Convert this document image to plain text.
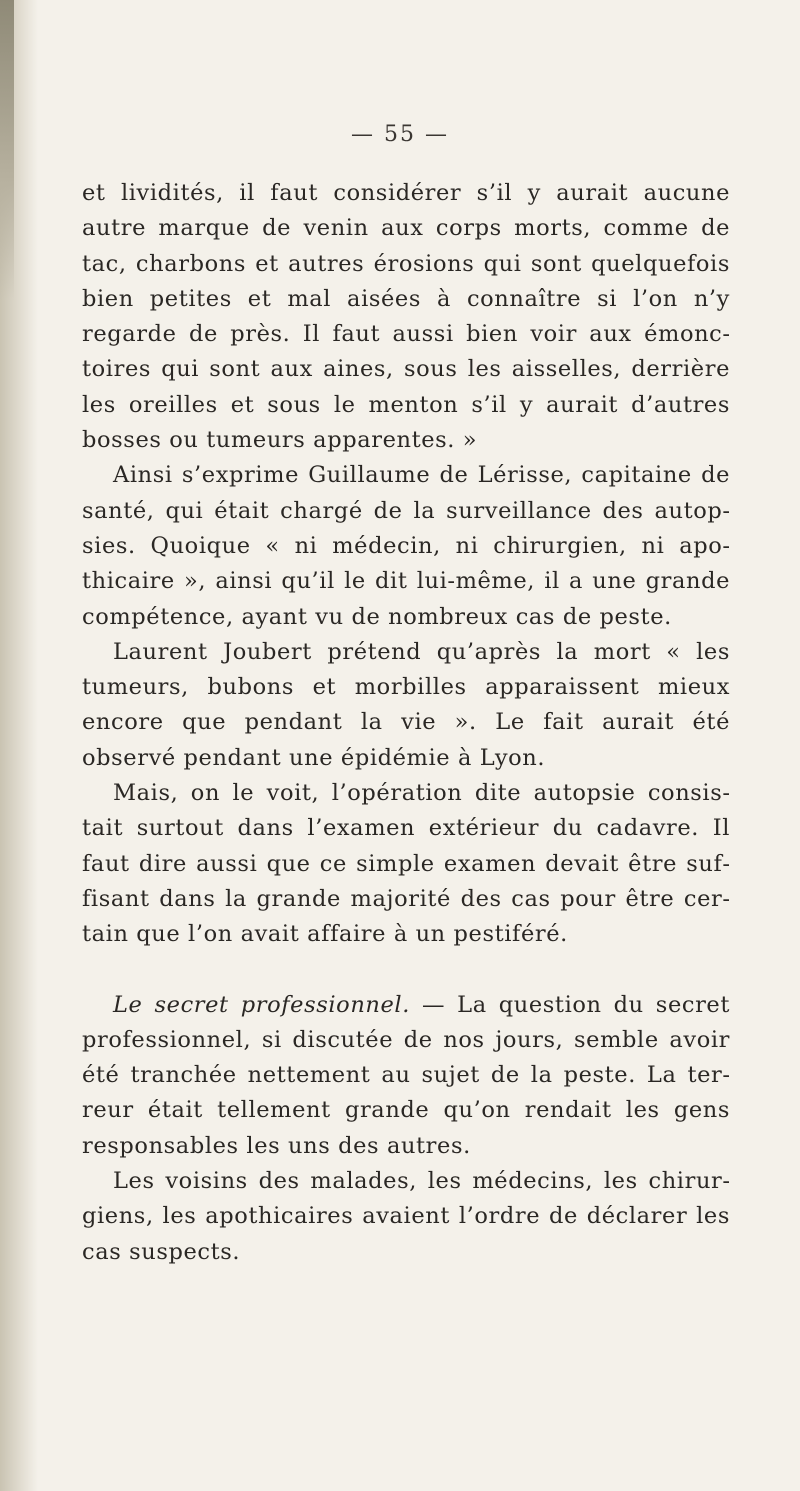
— 55 —

et lividités, il faut considérer s’il y aurait aucune autre marque de venin aux corps morts, comme de tac, charbons et autres érosions qui sont quelquefois bien petites et mal aisées à connaître si l’on n’y regarde de près. Il faut aussi bien voir aux émonctoires qui sont aux aines, sous les aisselles, derrière les oreilles et sous le menton s’il y aurait d’autres bosses ou tumeurs apparentes. »

Ainsi s’exprime Guillaume de Lérisse, capitaine de santé, qui était chargé de la surveillance des autopsies. Quoique « ni médecin, ni chirurgien, ni apothicaire », ainsi qu’il le dit lui-même, il a une grande compétence, ayant vu de nombreux cas de peste.

Laurent Joubert prétend qu’après la mort « les tumeurs, bubons et morbilles apparaissent mieux encore que pendant la vie ». Le fait aurait été observé pendant une épidémie à Lyon.

Mais, on le voit, l’opération dite autopsie consistait surtout dans l’examen extérieur du cadavre. Il faut dire aussi que ce simple examen devait être suffisant dans la grande majorité des cas pour être certain que l’on avait affaire à un pestiféré.

Le secret professionnel. — La question du secret professionnel, si discutée de nos jours, semble avoir été tranchée nettement au sujet de la peste. La terreur était tellement grande qu’on rendait les gens responsables les uns des autres.

Les voisins des malades, les médecins, les chirurgiens, les apothicaires avaient l’ordre de déclarer les cas suspects.
